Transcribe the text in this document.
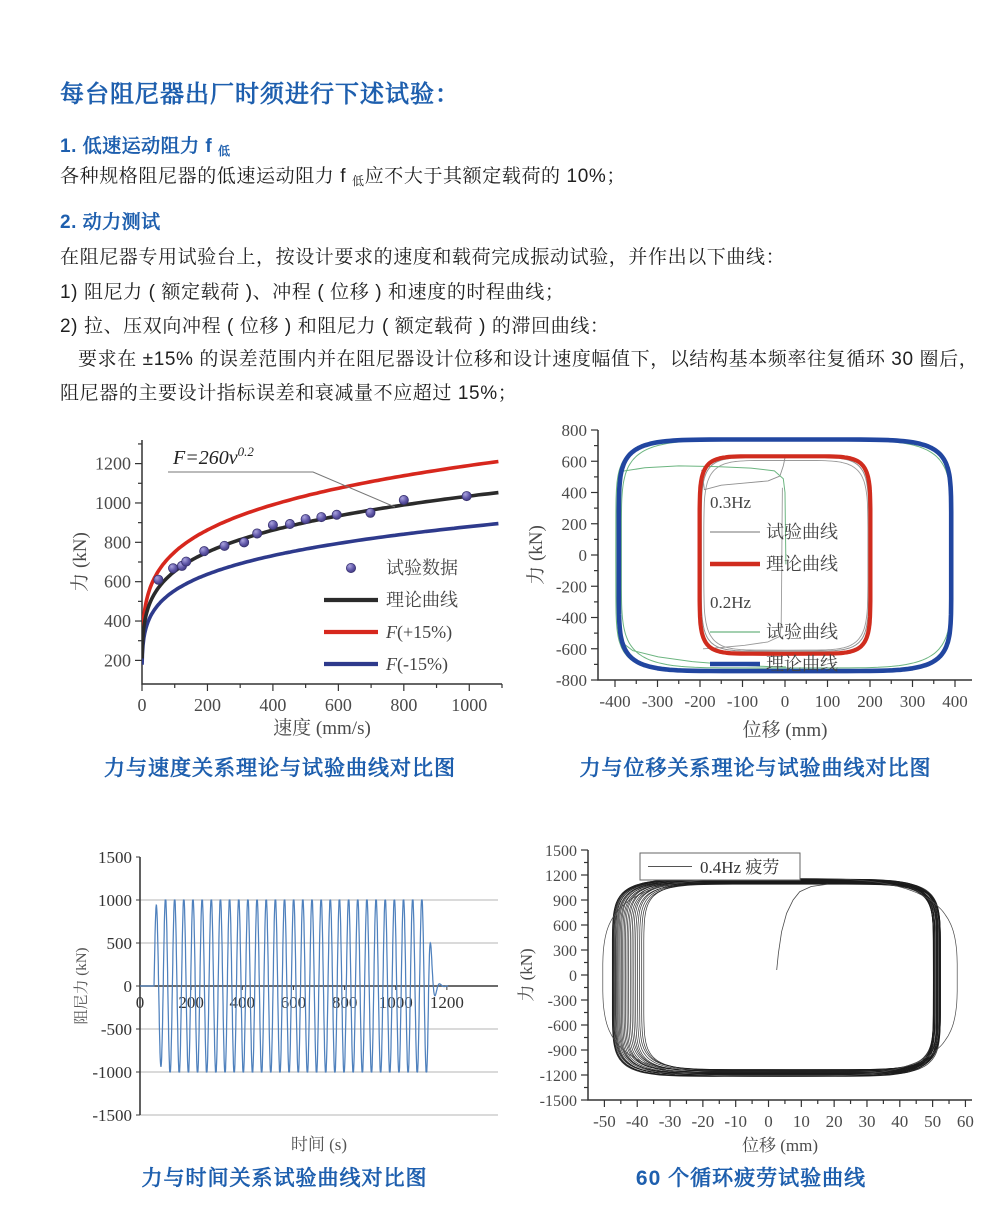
每台阻尼器出厂时须进行下述试验：
1. 低速运动阻力 f $_低$
各种规格阻尼器的低速运动阻力 f $_低$应不大于其额定载荷的 10%；
2. 动力测试
在阻尼器专用试验台上，按设计要求的速度和载荷完成振动试验，并作出以下曲线：
1) 阻尼力 ( 额定载荷 )、冲程 ( 位移 ) 和速度的时程曲线；
2) 拉、压双向冲程 ( 位移 ) 和阻尼力 ( 额定载荷 ) 的滞回曲线：
要求在 ±15% 的误差范围内并在阻尼器设计位移和设计速度幅值下，以结构基本频率往复循环 30 圈后，
阻尼器的主要设计指标误差和衰减量不应超过 15%；
0	200 400 600 800 1000
200
400
600
800
1000
1200
速度 (mm/s)
力 (kN)
$F=260v^{0.2}$
试验数据
理论曲线
F(+15%)
F(-15%)
-400 -300 -200 -100 0 100 200 300 400
-800
-600
-400
-200
0
200
400
600
800
位移 (mm)
力 (kN)
0.3Hz
试验曲线
理论曲线
0.2Hz
试验曲线
理论曲线
力与速度关系理论与试验曲线对比图	力与位移关系理论与试验曲线对比图
1500
1000
500
0
-500
-1000
-1500
0 200 400 600 800 1000 1200
时间 (s)
阻尼力 (kN)
-50 -40 -30 -20 -10 0 10 20 30 40 50 60
-1500
-1200
-900
-600
-300
0
300
600
900
1200
1500
位移 (mm)
力 (kN)
0.4Hz 疲劳
力与时间关系试验曲线对比图	60 个循环疲劳试验曲线
